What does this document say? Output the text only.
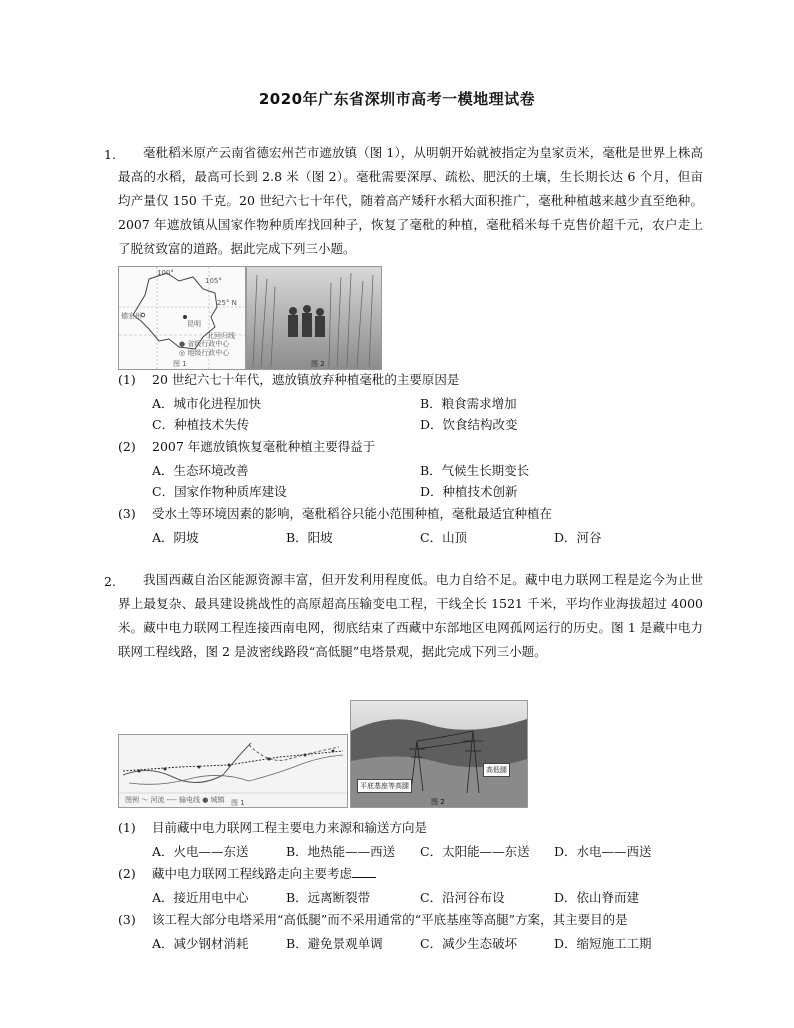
2020年广东省深圳市高考一模地理试卷
1.	毫秕稻米原产云南省德宏州芒市遮放镇（图 1），从明朝开始就被指定为皇家贡米，毫秕是世界上株高最高的水稻，最高可长到 2.8 米（图 2）。毫秕需要深厚、疏松、肥沃的土壤，生长期长达 6 个月，但亩均产量仅 150 千克。20 世纪六七十年代，随着高产矮秆水稻大面积推广，毫秕种植越来越少直至绝种。2007 年遮放镇从国家作物种质库找回种子，恢复了毫秕的种植，毫秕稻米每千克售价超千元，农户走上了脱贫致富的道路。据此完成下列三小题。
100°
105°
25° N
德宏州
昆明
北回归线
● 省级行政中心
◎ 地级行政中心
图 1	图 2
(1) 20 世纪六七十年代，遮放镇放弃种植毫秕的主要原因是
A．城市化进程加快	B．粮食需求增加
C．种植技术失传	D．饮食结构改变
(2) 2007 年遮放镇恢复毫秕种植主要得益于
A．生态环境改善	B．气候生长期变长
C．国家作物种质库建设	D．种植技术创新
(3) 受水土等环境因素的影响，毫秕稻谷只能小范围种植，毫秕最适宜种植在
A．阴坡	B．阳坡	C．山顶	D．河谷
2.	我国西藏自治区能源资源丰富，但开发利用程度低。电力自给不足。藏中电力联网工程是迄今为止世界上最复杂、最具建设挑战性的高原超高压输变电工程，干线全长 1521 千米，平均作业海拔超过 4000 米。藏中电力联网工程连接西南电网，彻底结束了西藏中东部地区电网孤网运行的历史。图 1 是藏中电力联网工程线路，图 2 是波密线路段“高低腿”电塔景观，据此完成下列三小题。
图例 ～ 河流 ---- 输电线 ● 城镇 图 1
平底基座等高腿
高低腿
图 2
(1) 目前藏中电力联网工程主要电力来源和输送方向是
A．火电——东送	B．地热能——西送	C．太阳能——东送	D．水电——西送
(2) 藏中电力联网工程线路走向主要考虑
A．接近用电中心	B．远离断裂带	C．沿河谷布设	D．依山脊而建
(3) 该工程大部分电塔采用“高低腿”而不采用通常的“平底基座等高腿”方案，其主要目的是
A．减少钢材消耗	B．避免景观单调	C．减少生态破坏	D．缩短施工工期
